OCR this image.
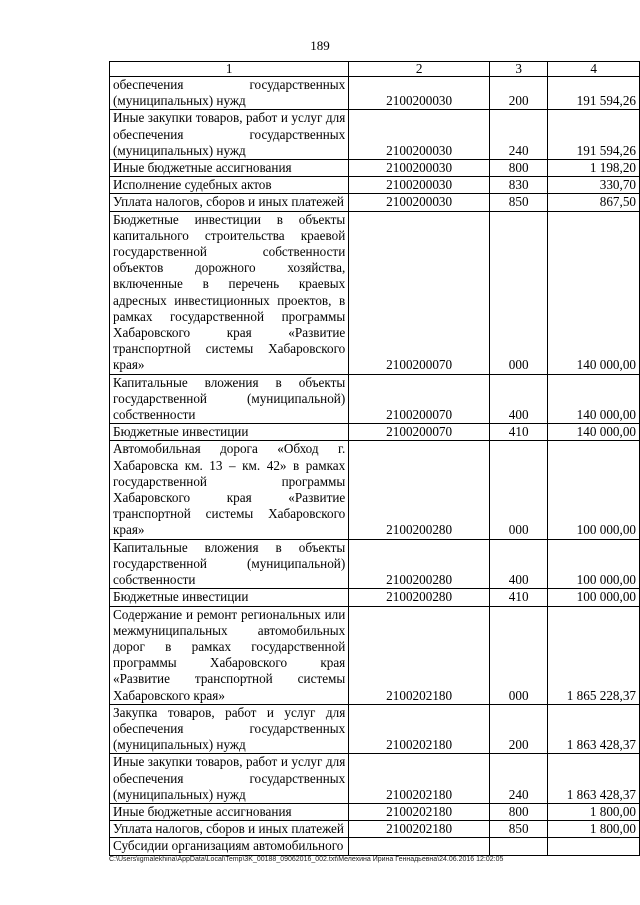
189
1	2	3	4
обеспечения государственных (муниципальных) нужд	2100200030	200	191 594,26
Иные закупки товаров, работ и услуг для обеспечения государственных (муниципальных) нужд	2100200030	240	191 594,26
Иные бюджетные ассигнования	2100200030	800	1 198,20
Исполнение судебных актов	2100200030	830	330,70
Уплата налогов, сборов и иных платежей	2100200030	850	867,50
Бюджетные инвестиции в объекты капитального строительства краевой государственной собственности объектов дорожного хозяйства, включенные в перечень краевых адресных инвестиционных проектов, в рамках государственной программы Хабаровского края «Развитие транспортной системы Хабаровского края»	2100200070	000	140 000,00
Капитальные вложения в объекты государственной (муниципальной) собственности	2100200070	400	140 000,00
Бюджетные инвестиции	2100200070	410	140 000,00
Автомобильная дорога «Обход г. Хабаровска км. 13 – км. 42» в рамках государственной программы Хабаровского края «Развитие транспортной системы Хабаровского края»	2100200280	000	100 000,00
Капитальные вложения в объекты государственной (муниципальной) собственности	2100200280	400	100 000,00
Бюджетные инвестиции	2100200280	410	100 000,00
Содержание и ремонт региональных или межмуниципальных автомобильных дорог в рамках государственной программы Хабаровского края «Развитие транспортной системы Хабаровского края»	2100202180	000	1 865 228,37
Закупка товаров, работ и услуг для обеспечения государственных (муниципальных) нужд	2100202180	200	1 863 428,37
Иные закупки товаров, работ и услуг для обеспечения государственных (муниципальных) нужд	2100202180	240	1 863 428,37
Иные бюджетные ассигнования	2100202180	800	1 800,00
Уплата налогов, сборов и иных платежей	2100202180	850	1 800,00
Субсидии организациям автомобильного			
C:\Users\igmalekhina\AppData\Local\Temp\3K_00188_09062016_002.txt\Мелехина Ирина Геннадьевна\24.06.2016 12:02:05
